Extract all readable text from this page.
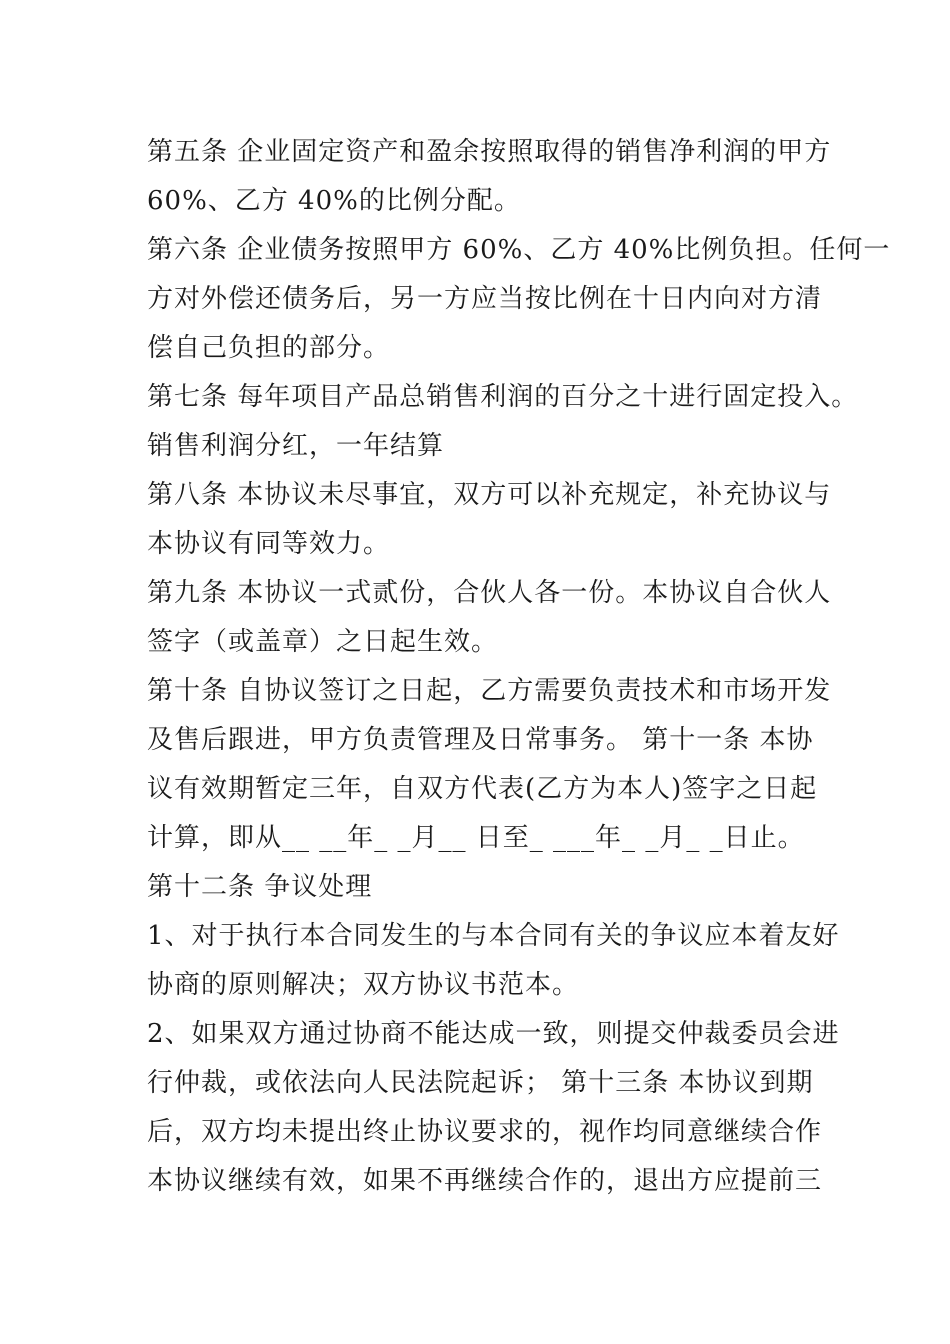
第五条 企业固定资产和盈余按照取得的销售净利润的甲方
60%、乙方 40%的比例分配。
第六条 企业债务按照甲方 60%、乙方 40%比例负担。任何一
方对外偿还债务后，另一方应当按比例在十日内向对方清
偿自己负担的部分。
第七条 每年项目产品总销售利润的百分之十进行固定投入。
销售利润分红，一年结算
第八条 本协议未尽事宜，双方可以补充规定，补充协议与
本协议有同等效力。
第九条 本协议一式贰份，合伙人各一份。本协议自合伙人
签字（或盖章）之日起生效。
第十条 自协议签订之日起，乙方需要负责技术和市场开发
及售后跟进，甲方负责管理及日常事务。 第十一条 本协
议有效期暂定三年，自双方代表(乙方为本人)签字之日起
计算，即从__ __年_ _月__ 日至_ ___年_ _月_ _日止。
第十二条 争议处理
1、对于执行本合同发生的与本合同有关的争议应本着友好
协商的原则解决；双方协议书范本。
2、如果双方通过协商不能达成一致，则提交仲裁委员会进
行仲裁，或依法向人民法院起诉； 第十三条 本协议到期
后，双方均未提出终止协议要求的，视作均同意继续合作
本协议继续有效，如果不再继续合作的，退出方应提前三
